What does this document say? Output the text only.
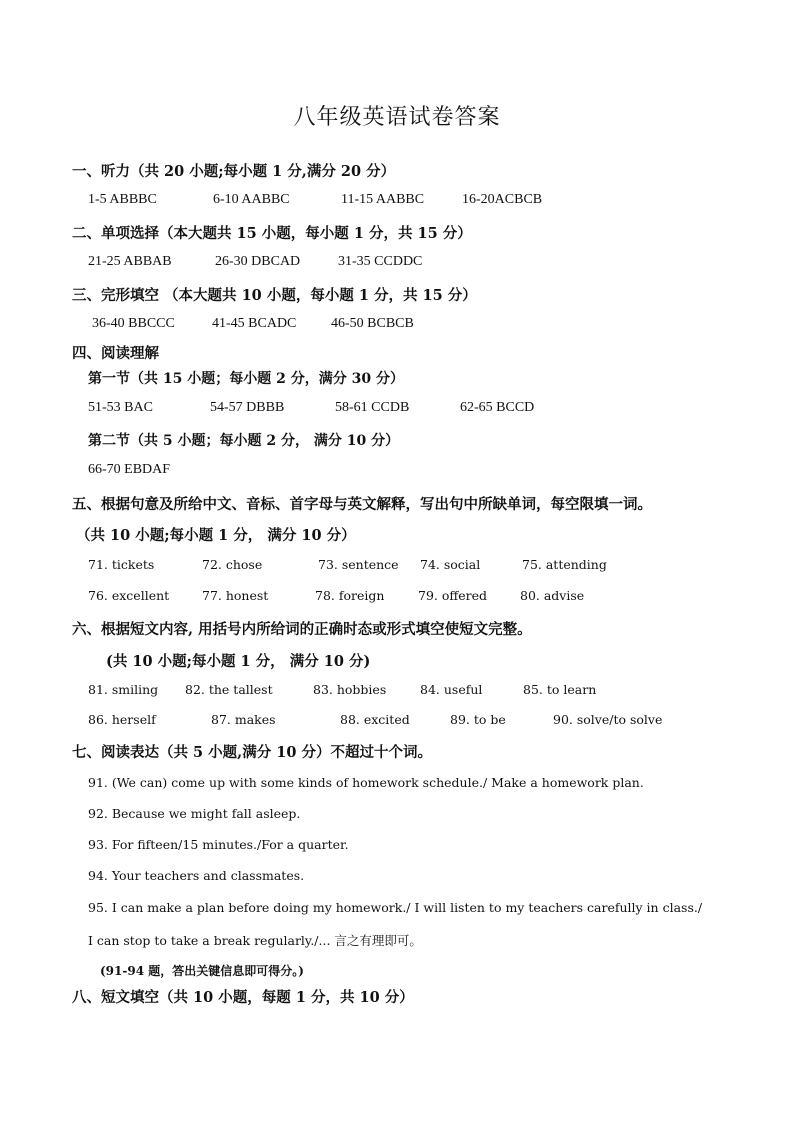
八年级英语试卷答案
一、听力（共 20 小题;每小题 1 分,满分 20 分）
1-5 ABBBC	6-10 AABBC	11-15 AABBC	16-20ACBCB
二、单项选择（本大题共 15 小题，每小题 1 分，共 15 分）
21-25 ABBAB	26-30 DBCAD	31-35 CCDDC
三、完形填空 （本大题共 10 小题，每小题 1 分，共 15 分）
36-40 BBCCC	41-45 BCADC 46-50 BCBCB
四、阅读理解
第一节（共 15 小题；每小题 2 分，满分 30 分）
51-53 BAC	54-57 DBBB	58-61 CCDB	62-65 BCCD
第二节（共 5 小题；每小题 2 分， 满分 10 分）
66-70 EBDAF
五、根据句意及所给中文、音标、首字母与英文解释，写出句中所缺单词，每空限填一词。
（共 10 小题;每小题 1 分， 满分 10 分）
71. tickets	72. chose	73. sentence 74. social	75. attending
76. excellent	77. honest	78. foreign	79. offered	80. advise
六、根据短文内容, 用括号内所给词的正确时态或形式填空使短文完整。
(共 10 小题;每小题 1 分， 满分 10 分)
81. smiling 82. the tallest	83. hobbies	84. useful	85. to learn
86. herself	87. makes	88. excited	89. to be	90. solve/to solve
七、阅读表达（共 5 小题,满分 10 分）不超过十个词。
91. (We can) come up with some kinds of homework schedule./ Make a homework plan.
92. Because we might fall asleep.
93. For fifteen/15 minutes./For a quarter.
94. Your teachers and classmates.
95. I can make a plan before doing my homework./ I will listen to my teachers carefully in class./
I can stop to take a break regularly./... 言之有理即可。
(91-94 题，答出关键信息即可得分。)
八、短文填空（共 10 小题，每题 1 分，共 10 分）
